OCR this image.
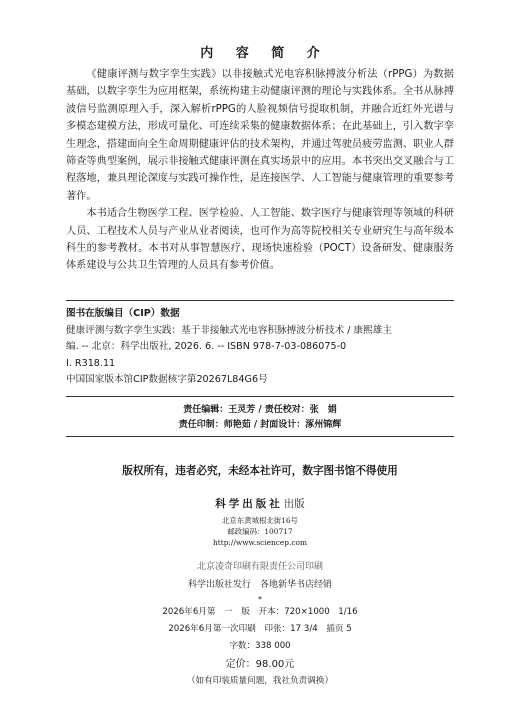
内 容 简 介

《健康评测与数字孪生实践》以非接触式光电容积脉搏波分析法（rPPG）为数据基础，以数字孪生为应用框架，系统构建主动健康评测的理论与实践体系。全书从脉搏波信号监测原理入手，深入解析rPPG的人脸视频信号提取机制，并融合近红外光谱与多模态建模方法，形成可量化、可连续采集的健康数据体系；在此基础上，引入数字孪生理念，搭建面向全生命周期健康评估的技术架构，并通过驾驶员疲劳监测、职业人群筛查等典型案例，展示非接触式健康评测在真实场景中的应用。本书突出交叉融合与工程落地，兼具理论深度与实践可操作性，是连接医学、人工智能与健康管理的重要参考著作。

本书适合生物医学工程、医学检验、人工智能、数字医疗与健康管理等领域的科研人员、工程技术人员与产业从业者阅读，也可作为高等院校相关专业研究生与高年级本科生的参考教材。本书对从事智慧医疗、现场快速检验（POCT）设备研发、健康服务体系建设与公共卫生管理的人员具有参考价值。

图书在版编目（CIP）数据
健康评测与数字孪生实践：基于非接触式光电容积脉搏波分析技术 / 康熙雄主
编. -- 北京：科学出版社, 2026. 6. -- ISBN 978-7-03-086075-0
Ⅰ. R318.11
中国国家版本馆CIP数据核字第20267L84G6号
责任编辑：王灵芳 / 责任校对：张　娟
责任印制：师艳茹 / 封面设计：涿州锦辉
版权所有，违者必究，未经本社许可，数字图书馆不得使用
科学出版社出版
北京东黄城根北街16号
邮政编码：100717
http://www.sciencep.com
北京凌奇印刷有限责任公司印刷
科学出版社发行　各地新华书店经销
*
2026年6月第　一　版　开本：720×1000　1/16
2026年6月第一次印刷　印张：17 3/4　插页 5
字数：338 000
定价：98.00元
（如有印装质量问题，我社负责调换）
